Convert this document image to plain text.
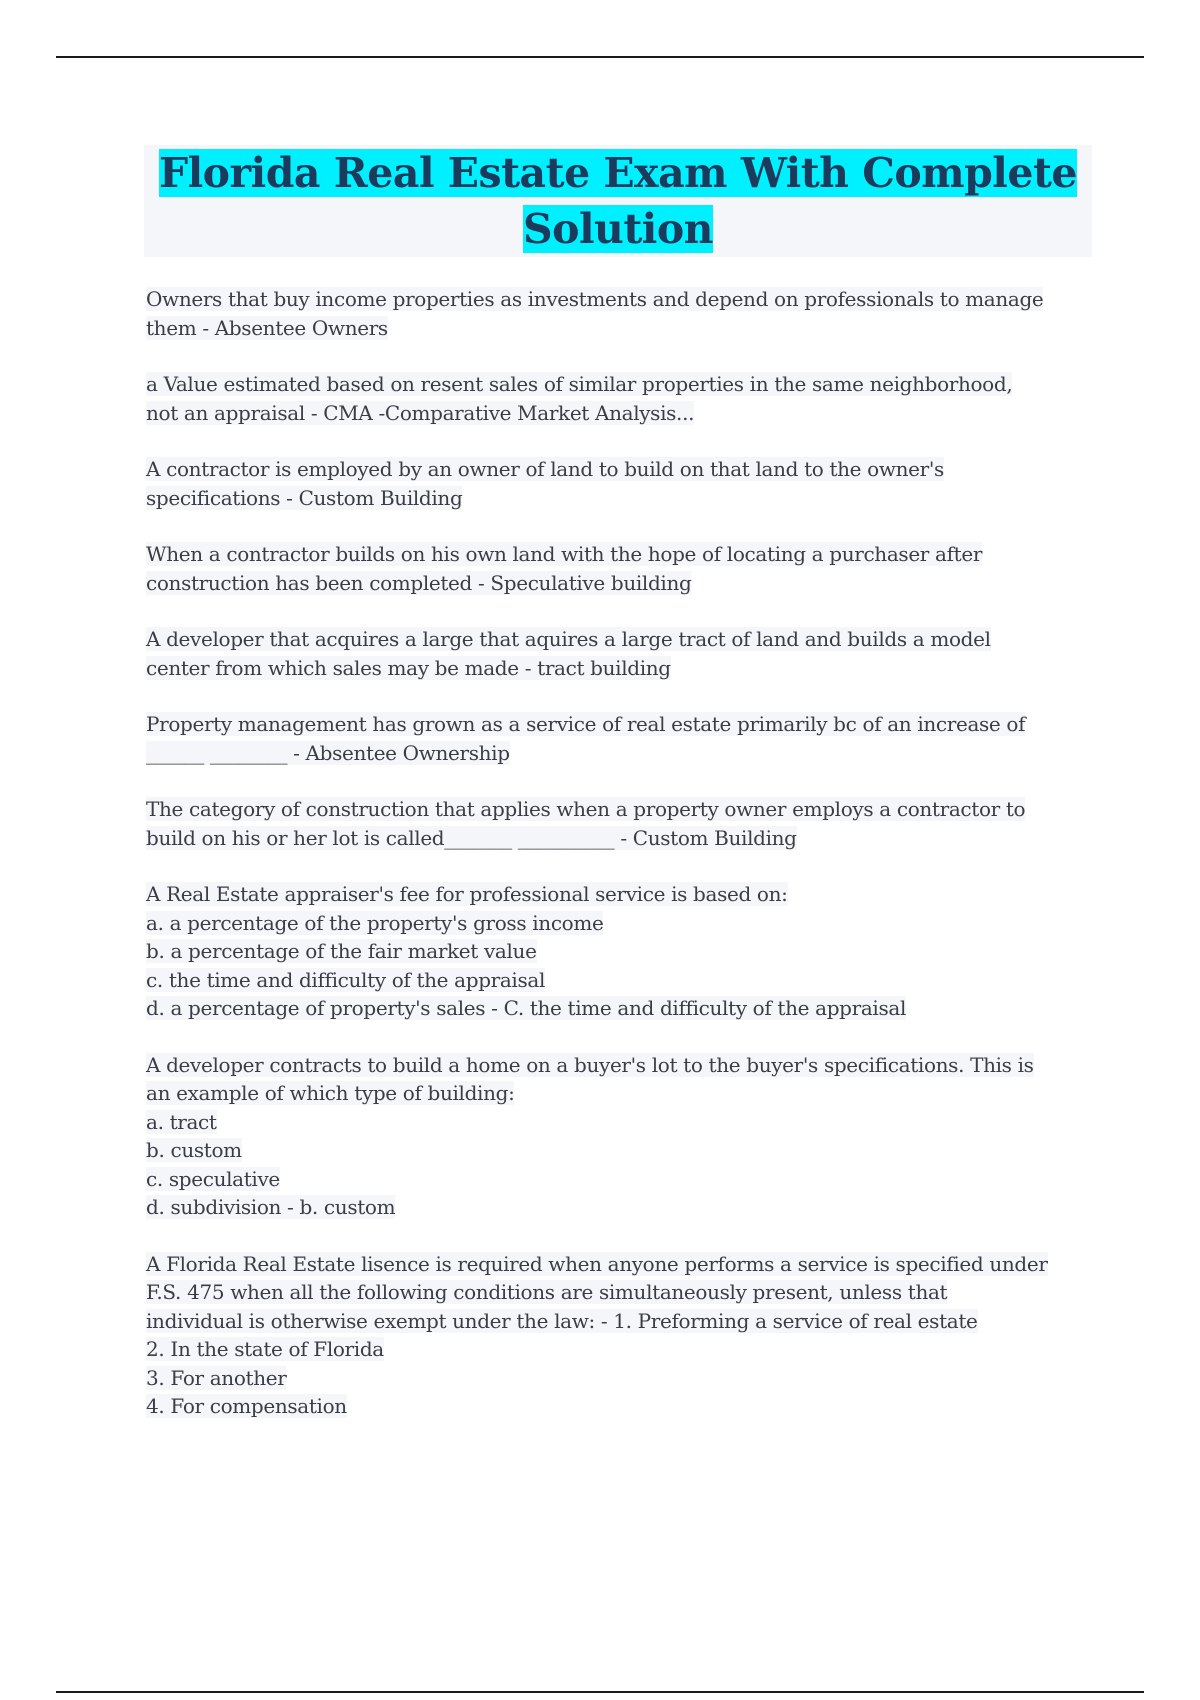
Florida Real Estate Exam With Complete
Solution
Owners that buy income properties as investments and depend on professionals to manage
them - Absentee Owners
a Value estimated based on resent sales of similar properties in the same neighborhood,
not an appraisal - CMA -Comparative Market Analysis...
A contractor is employed by an owner of land to build on that land to the owner's
specifications - Custom Building
When a contractor builds on his own land with the hope of locating a purchaser after
construction has been completed - Speculative building
A developer that acquires a large that aquires a large tract of land and builds a model
center from which sales may be made - tract building
Property management has grown as a service of real estate primarily bc of an increase of
______ ________ - Absentee Ownership
The category of construction that applies when a property owner employs a contractor to
build on his or her lot is called_______ __________ - Custom Building
A Real Estate appraiser's fee for professional service is based on:
a. a percentage of the property's gross income
b. a percentage of the fair market value
c. the time and difficulty of the appraisal
d. a percentage of property's sales - C. the time and difficulty of the appraisal
A developer contracts to build a home on a buyer's lot to the buyer's specifications. This is
an example of which type of building:
a. tract
b. custom
c. speculative
d. subdivision - b. custom
A Florida Real Estate lisence is required when anyone performs a service is specified under
F.S. 475 when all the following conditions are simultaneously present, unless that
individual is otherwise exempt under the law: - 1. Preforming a service of real estate
2. In the state of Florida
3. For another
4. For compensation
